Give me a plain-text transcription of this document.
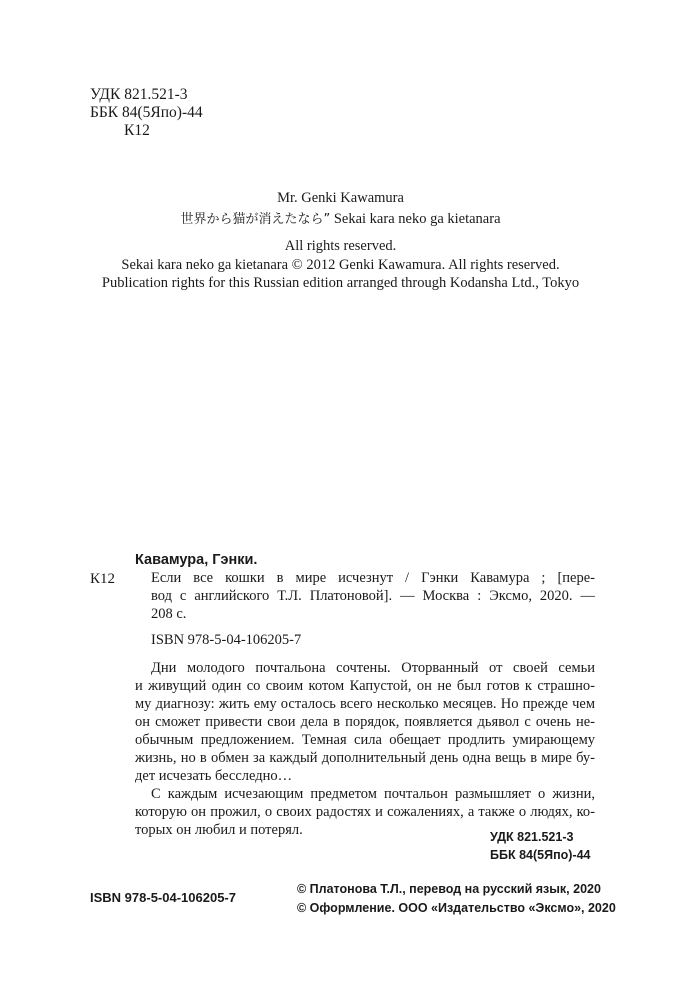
УДК 821.521-3
ББК 84(5Япо)-44
К12
Mr. Genki Kawamura
世界から猫が消えたなら” Sekai kara neko ga kietanara
All rights reserved.
Sekai kara neko ga kietanara © 2012 Genki Kawamura. All rights reserved.
Publication rights for this Russian edition arranged through Kodansha Ltd., Tokyo
К12
Кавамура, Гэнки.
Если все кошки в мире исчезнут / Гэнки Кавамура ; [пере-
вод с английского Т.Л. Платоновой]. — Москва : Эксмо, 2020. —
208 с.
ISBN 978-5-04-106205-7
Дни молодого почтальона сочтены. Оторванный от своей семьи
и живущий один со своим котом Капустой, он не был готов к страшно-
му диагнозу: жить ему осталось всего несколько месяцев. Но прежде чем
он сможет привести свои дела в порядок, появляется дьявол с очень не-
обычным предложением. Темная сила обещает продлить умирающему
жизнь, но в обмен за каждый дополнительный день одна вещь в мире бу-
дет исчезать бесследно…
С каждым исчезающим предметом почтальон размышляет о жизни,
которую он прожил, о своих радостях и сожалениях, а также о людях, ко-
торых он любил и потерял.	УДК 821.521-3
ББК 84(5Япо)-44
ISBN 978-5-04-106205-7
© Платонова Т.Л., перевод на русский язык, 2020
© Оформление. ООО «Издательство «Эксмо», 2020
